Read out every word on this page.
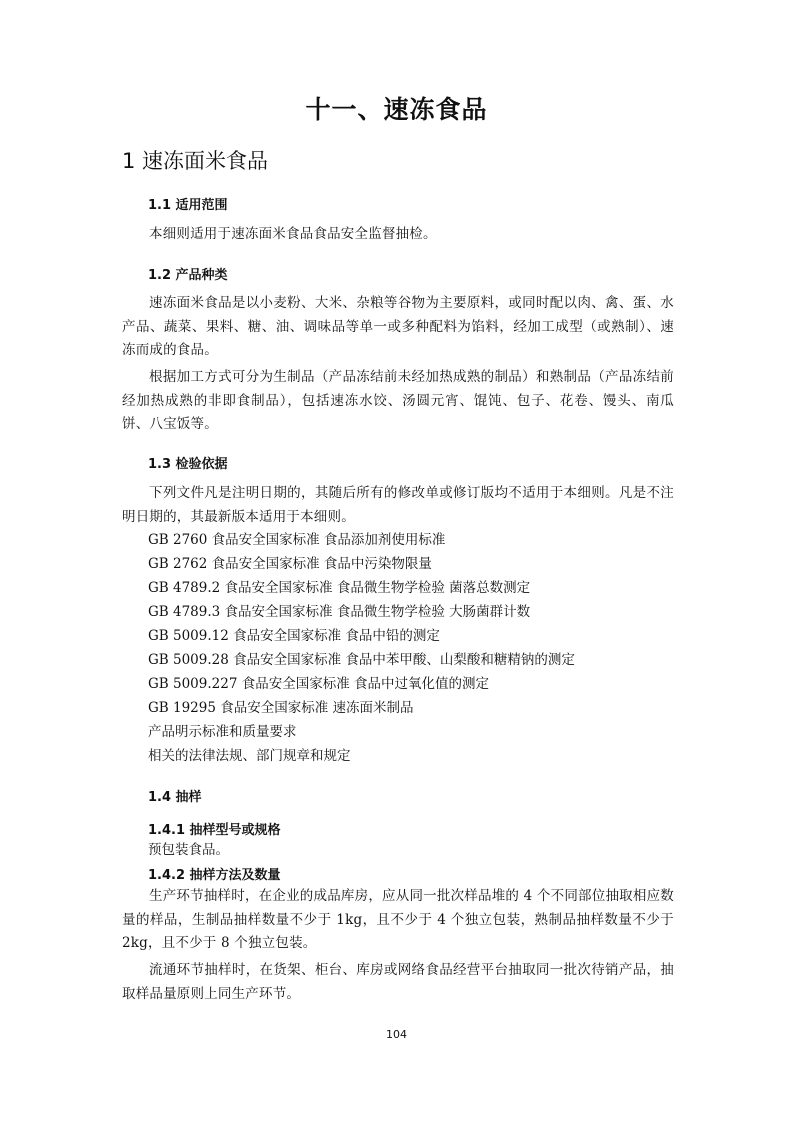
十一、速冻食品
1 速冻面米食品
1.1 适用范围

本细则适用于速冻面米食品食品安全监督抽检。

1.2 产品种类

速冻面米食品是以小麦粉、大米、杂粮等谷物为主要原料，或同时配以肉、禽、蛋、水产品、蔬菜、果料、糖、油、调味品等单一或多种配料为馅料，经加工成型（或熟制）、速冻而成的食品。

根据加工方式可分为生制品（产品冻结前未经加热成熟的制品）和熟制品（产品冻结前经加热成熟的非即食制品），包括速冻水饺、汤圆元宵、馄饨、包子、花卷、馒头、南瓜饼、八宝饭等。

1.3 检验依据

下列文件凡是注明日期的，其随后所有的修改单或修订版均不适用于本细则。凡是不注明日期的，其最新版本适用于本细则。

GB 2760 食品安全国家标准 食品添加剂使用标准

GB 2762 食品安全国家标准 食品中污染物限量

GB 4789.2 食品安全国家标准 食品微生物学检验 菌落总数测定

GB 4789.3 食品安全国家标准 食品微生物学检验 大肠菌群计数

GB 5009.12 食品安全国家标准 食品中铅的测定

GB 5009.28 食品安全国家标准 食品中苯甲酸、山梨酸和糖精钠的测定

GB 5009.227 食品安全国家标准 食品中过氧化值的测定

GB 19295 食品安全国家标准 速冻面米制品

产品明示标准和质量要求

相关的法律法规、部门规章和规定

1.4 抽样
1.4.1 抽样型号或规格

预包装食品。

1.4.2 抽样方法及数量

生产环节抽样时，在企业的成品库房，应从同一批次样品堆的 4 个不同部位抽取相应数量的样品，生制品抽样数量不少于 1kg，且不少于 4 个独立包装，熟制品抽样数量不少于 2kg，且不少于 8 个独立包装。

流通环节抽样时，在货架、柜台、库房或网络食品经营平台抽取同一批次待销产品，抽取样品量原则上同生产环节。

104
